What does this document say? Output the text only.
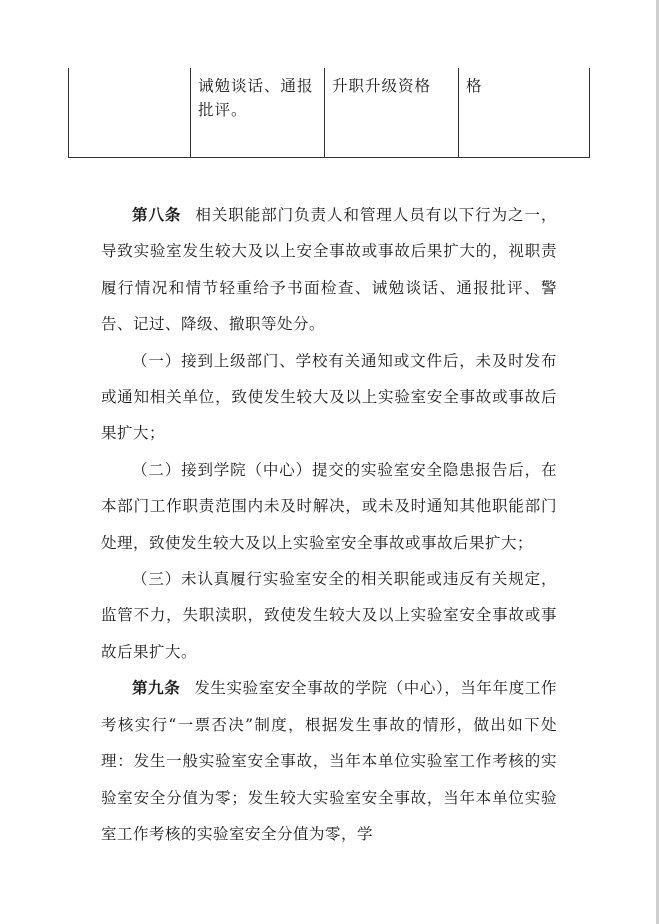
诫勉谈话、通报
批评。
升职升级资格	格

第八条 相关职能部门负责人和管理人员有以下行为之一，导致实验室发生较大及以上安全事故或事故后果扩大的，视职责履行情况和情节轻重给予书面检查、诫勉谈话、通报批评、警告、记过、降级、撤职等处分。

（一）接到上级部门、学校有关通知或文件后，未及时发布或通知相关单位，致使发生较大及以上实验室安全事故或事故后果扩大；

（二）接到学院（中心）提交的实验室安全隐患报告后，在本部门工作职责范围内未及时解决，或未及时通知其他职能部门处理，致使发生较大及以上实验室安全事故或事故后果扩大；

（三）未认真履行实验室安全的相关职能或违反有关规定，监管不力，失职渎职，致使发生较大及以上实验室安全事故或事故后果扩大。

第九条 发生实验室安全事故的学院（中心），当年年度工作考核实行“一票否决”制度，根据发生事故的情形，做出如下处理：发生一般实验室安全事故，当年本单位实验室工作考核的实验室安全分值为零；发生较大实验室安全事故，当年本单位实验室工作考核的实验室安全分值为零，学
